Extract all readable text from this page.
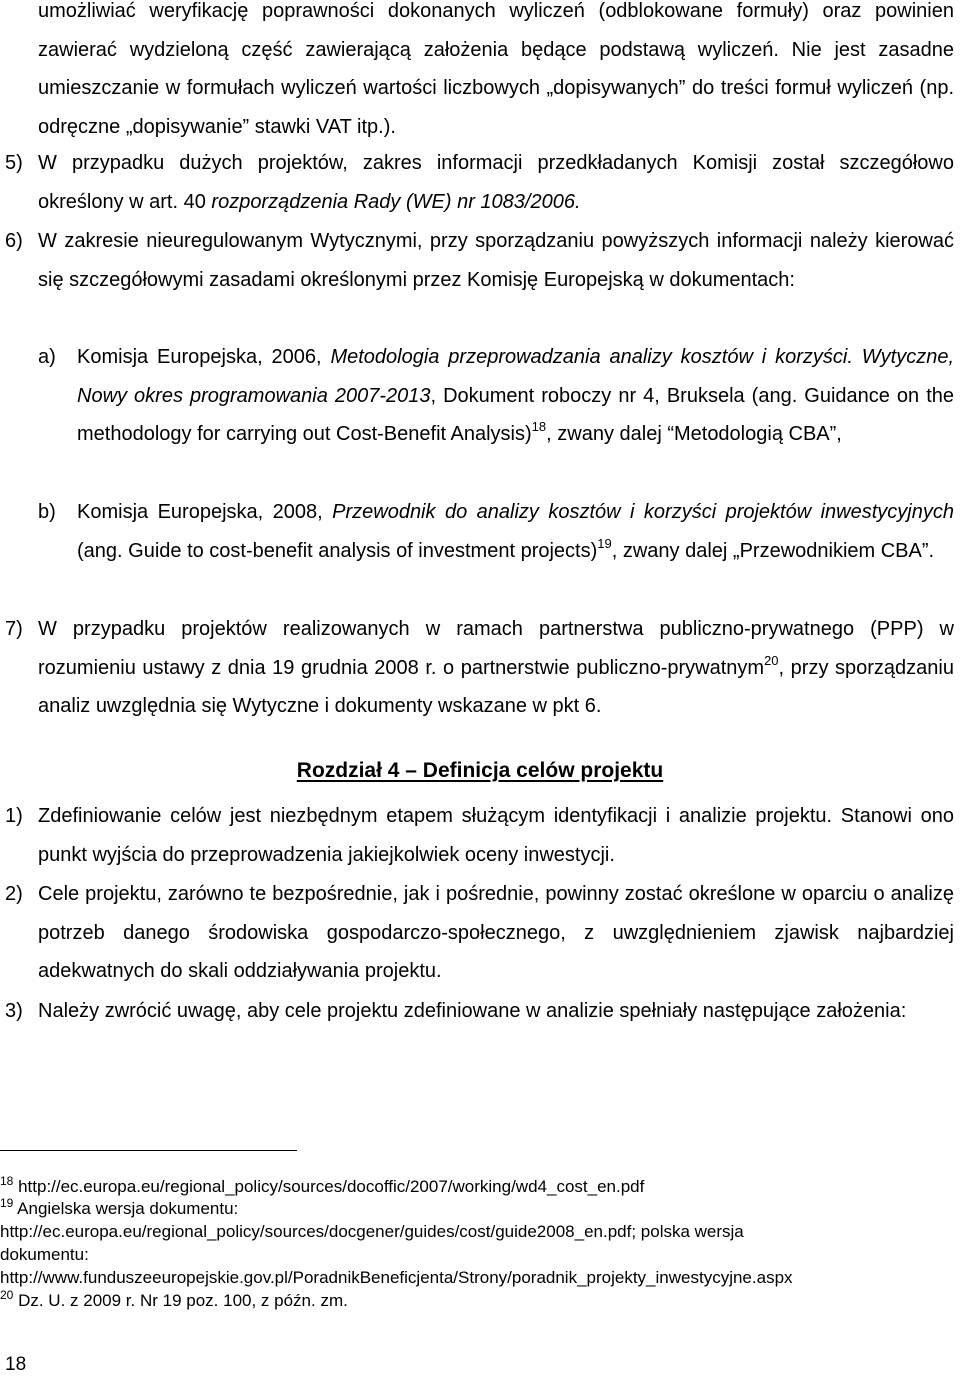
umożliwiać weryfikację poprawności dokonanych wyliczeń (odblokowane formuły) oraz powinien zawierać wydzieloną część zawierającą założenia będące podstawą wyliczeń. Nie jest zasadne umieszczanie w formułach wyliczeń wartości liczbowych „dopisywanych” do treści formuł wyliczeń (np. odręczne „dopisywanie” stawki VAT itp.).

5) W przypadku dużych projektów, zakres informacji przedkładanych Komisji został szczegółowo określony w art. 40 rozporządzenia Rady (WE) nr 1083/2006.

6) W zakresie nieuregulowanym Wytycznymi, przy sporządzaniu powyższych informacji należy kierować się szczegółowymi zasadami określonymi przez Komisję Europejską w dokumentach:

a) Komisja Europejska, 2006, Metodologia przeprowadzania analizy kosztów i korzyści. Wytyczne, Nowy okres programowania 2007-2013, Dokument roboczy nr 4, Bruksela (ang. Guidance on the methodology for carrying out Cost-Benefit Analysis)$^{18}$, zwany dalej “Metodologią CBA”,

b) Komisja Europejska, 2008, Przewodnik do analizy kosztów i korzyści projektów inwestycyjnych (ang. Guide to cost-benefit analysis of investment projects)$^{19}$, zwany dalej „Przewodnikiem CBA”.

7) W przypadku projektów realizowanych w ramach partnerstwa publiczno-prywatnego (PPP) w rozumieniu ustawy z dnia 19 grudnia 2008 r. o partnerstwie publiczno-prywatnym$^{20}$, przy sporządzaniu analiz uwzględnia się Wytyczne i dokumenty wskazane w pkt 6.

Rozdział 4 – Definicja celów projektu

1) Zdefiniowanie celów jest niezbędnym etapem służącym identyfikacji i analizie projektu. Stanowi ono punkt wyjścia do przeprowadzenia jakiejkolwiek oceny inwestycji.

2) Cele projektu, zarówno te bezpośrednie, jak i pośrednie, powinny zostać określone w oparciu o analizę potrzeb danego środowiska gospodarczo-społecznego, z uwzględnieniem zjawisk najbardziej adekwatnych do skali oddziaływania projektu.

3) Należy zwrócić uwagę, aby cele projektu zdefiniowane w analizie spełniały następujące założenia:

$^{18}$ http://ec.europa.eu/regional_policy/sources/docoffic/2007/working/wd4_cost_en.pdf

$^{19}$ Angielska wersja dokumentu:

http://ec.europa.eu/regional_policy/sources/docgener/guides/cost/guide2008_en.pdf; polska wersja

dokumentu:

http://www.funduszeeuropejskie.gov.pl/PoradnikBeneficjenta/Strony/poradnik_projekty_inwestycyjne.aspx

$^{20}$ Dz. U. z 2009 r. Nr 19 poz. 100, z późn. zm.

18
